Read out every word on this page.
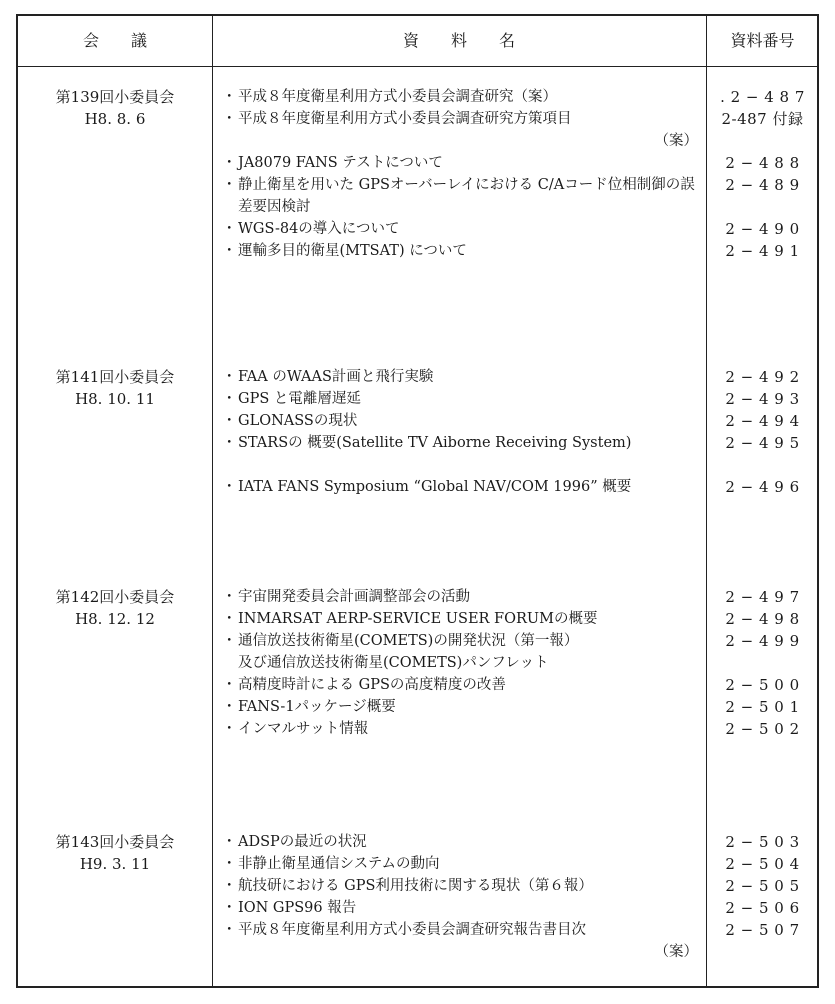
会　　議	資　　料　　名	資料番号
第139回小委員会
H8. 8. 6
・ 平成８年度衛星利用方式小委員会調査研究（案）
・ 平成８年度衛星利用方式小委員会調査研究方策項目
（案）
・ JA8079 FANS テストについて
・ 静止衛星を用いた GPSオーバーレイにおける C/Aコード位相制御の誤差要因検討
・ WGS-84の導入について
・ 運輸多目的衛星(MTSAT) について
. 2 − 4 8 7
2-487 付録
2 − 4 8 8
2 − 4 8 9
2 − 4 9 0
2 − 4 9 1
第141回小委員会
H8. 10. 11
・ FAA のWAAS計画と飛行実験
・ GPS と電離層遅延
・ GLONASSの現状
・ STARSの 概要(Satellite TV Aiborne Receiving System)
・ IATA FANS Symposium “Global NAV/COM 1996” 概要
2 − 4 9 2
2 − 4 9 3
2 − 4 9 4
2 − 4 9 5
2 − 4 9 6
第142回小委員会
H8. 12. 12
・ 宇宙開発委員会計画調整部会の活動
・ INMARSAT AERP-SERVICE USER FORUMの概要
・ 通信放送技術衛星(COMETS)の開発状況（第一報）
及び通信放送技術衛星(COMETS)パンフレット
・ 高精度時計による GPSの高度精度の改善
・ FANS-1パッケージ概要
・ インマルサット情報
2 − 4 9 7
2 − 4 9 8
2 − 4 9 9
2 − 5 0 0
2 − 5 0 1
2 − 5 0 2
第143回小委員会
H9. 3. 11
・ ADSPの最近の状況
・ 非静止衛星通信システムの動向
・ 航技研における GPS利用技術に関する現状（第６報）
・ ION GPS96 報告
・ 平成８年度衛星利用方式小委員会調査研究報告書目次
（案）
2 − 5 0 3
2 − 5 0 4
2 − 5 0 5
2 − 5 0 6
2 − 5 0 7
